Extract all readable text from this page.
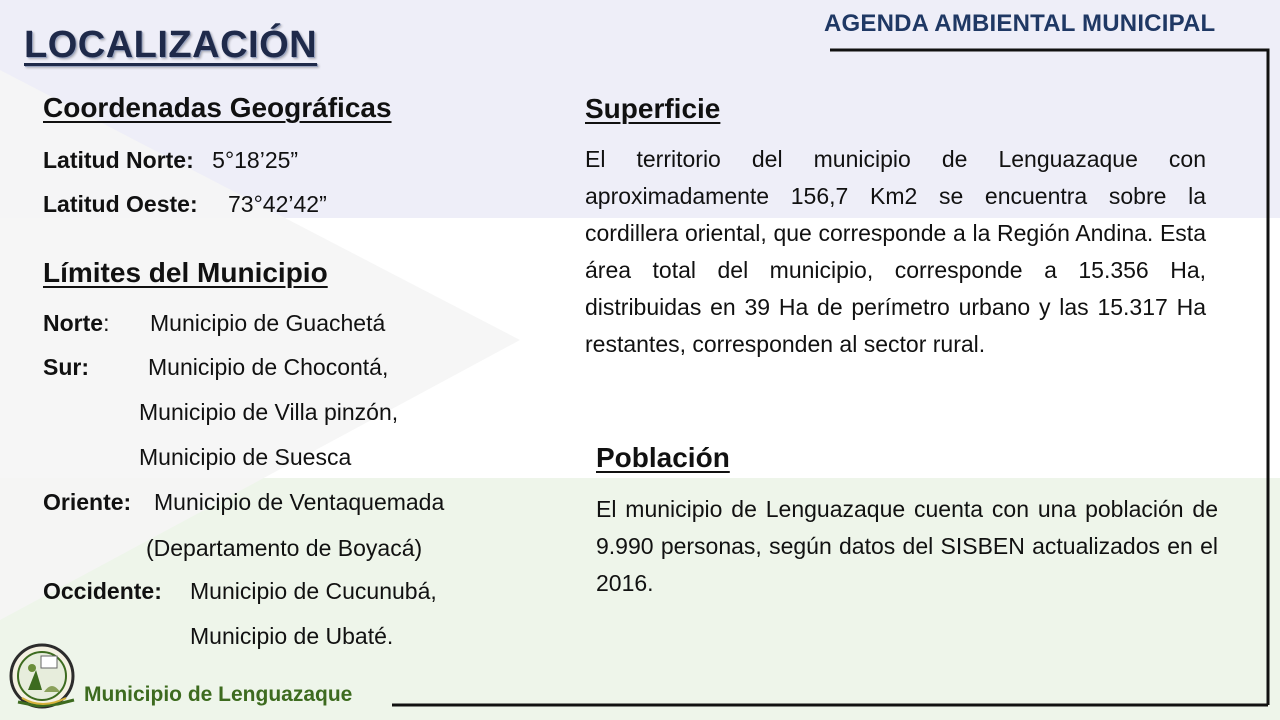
AGENDA AMBIENTAL MUNICIPAL
LOCALIZACIÓN
Coordenadas Geográficas
Latitud Norte: 5°18’25”
Latitud Oeste: 73°42’42”
Límites del Municipio
Norte: Municipio de Guachetá
Sur:	Municipio de Chocontá,
Municipio de Villa pinzón,
Municipio de Suesca
Oriente: Municipio de Ventaquemada
(Departamento de Boyacá)
Occidente: Municipio de Cucunubá,
Municipio de Ubaté.
Superficie
El territorio del municipio de Lenguazaque con aproximadamente 156,7 Km2 se encuentra sobre la cordillera oriental, que corresponde a la Región Andina. Esta área total del municipio, corresponde a 15.356 Ha, distribuidas en 39 Ha de perímetro urbano y las 15.317 Ha restantes, corresponden al sector rural.
Población
El municipio de Lenguazaque cuenta con una población de 9.990 personas, según datos del SISBEN actualizados en el 2016.
Municipio de Lenguazaque
